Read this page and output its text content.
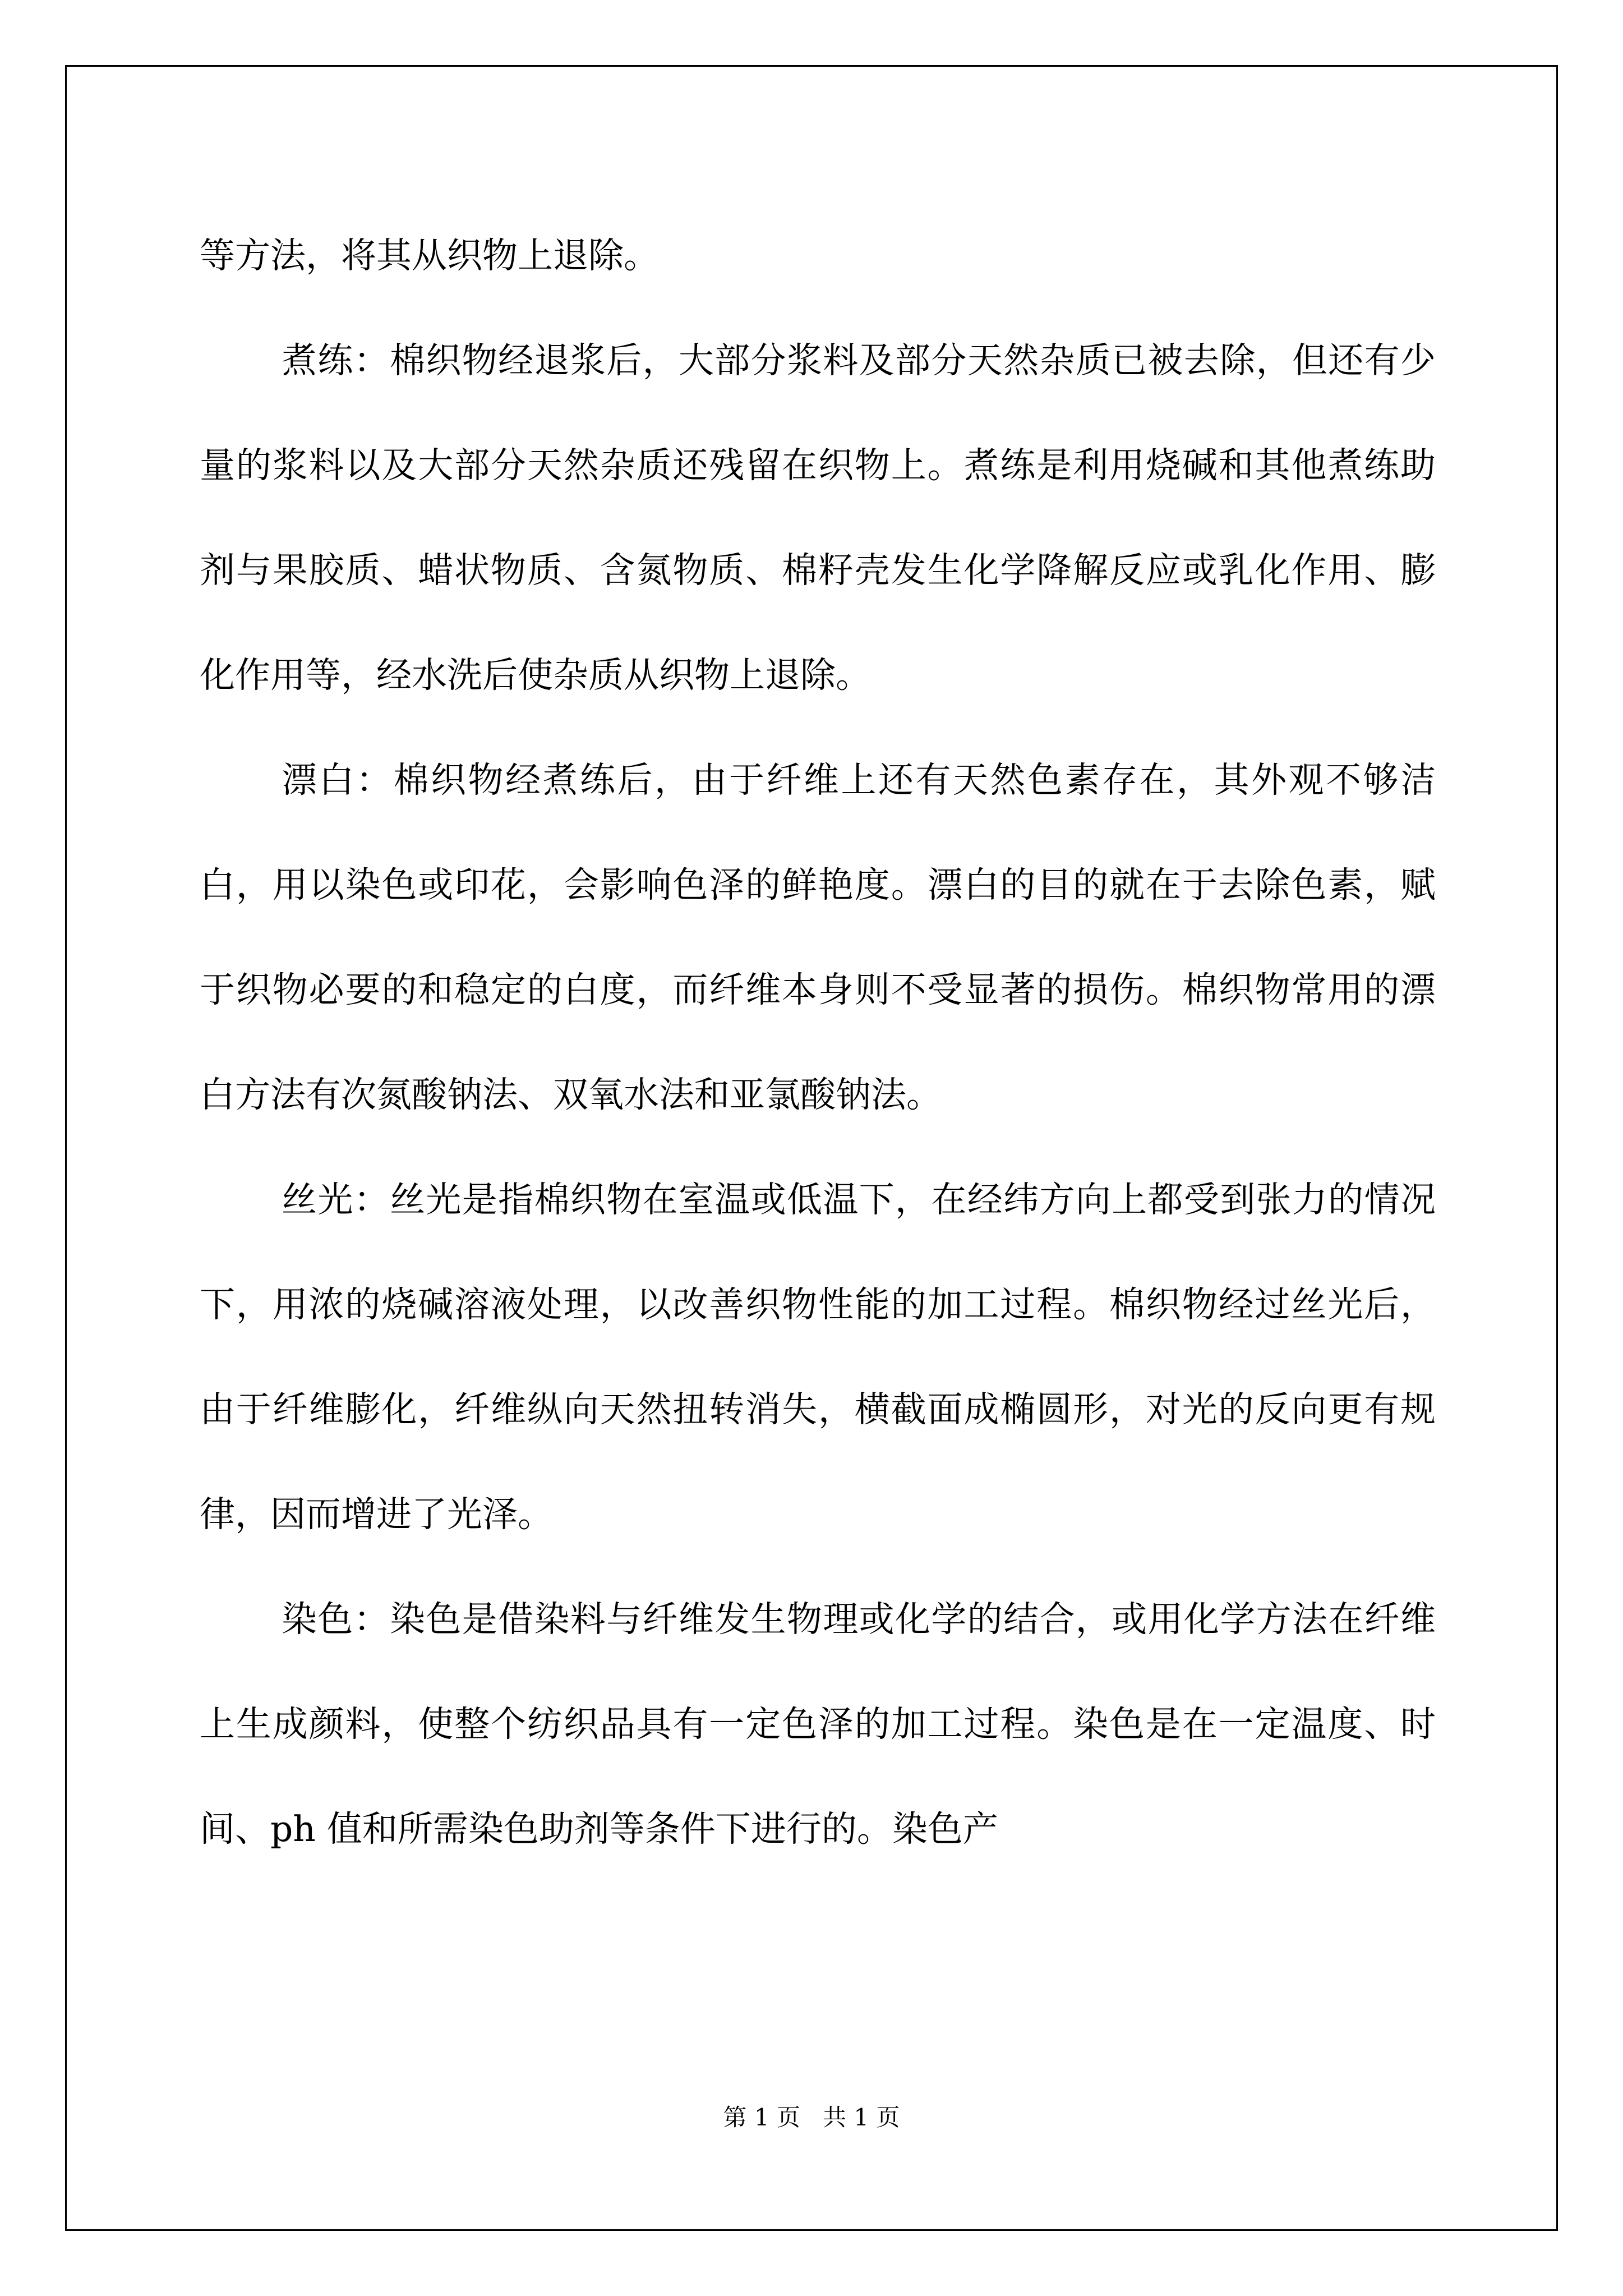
等方法，将其从织物上退除。

煮练：棉织物经退浆后，大部分浆料及部分天然杂质已被去除，但还有少量的浆料以及大部分天然杂质还残留在织物上。煮练是利用烧碱和其他煮练助剂与果胶质、蜡状物质、含氮物质、棉籽壳发生化学降解反应或乳化作用、膨化作用等，经水洗后使杂质从织物上退除。

漂白：棉织物经煮练后，由于纤维上还有天然色素存在，其外观不够洁白，用以染色或印花，会影响色泽的鲜艳度。漂白的目的就在于去除色素，赋于织物必要的和稳定的白度，而纤维本身则不受显著的损伤。棉织物常用的漂白方法有次氮酸钠法、双氧水法和亚氯酸钠法。

丝光：丝光是指棉织物在室温或低温下，在经纬方向上都受到张力的情况下，用浓的烧碱溶液处理，以改善织物性能的加工过程。棉织物经过丝光后，由于纤维膨化，纤维纵向天然扭转消失，横截面成椭圆形，对光的反向更有规律，因而增进了光泽。

染色：染色是借染料与纤维发生物理或化学的结合，或用化学方法在纤维上生成颜料，使整个纺织品具有一定色泽的加工过程。染色是在一定温度、时间、ph 值和所需染色助剂等条件下进行的。染色产

第 1 页   共 1 页
